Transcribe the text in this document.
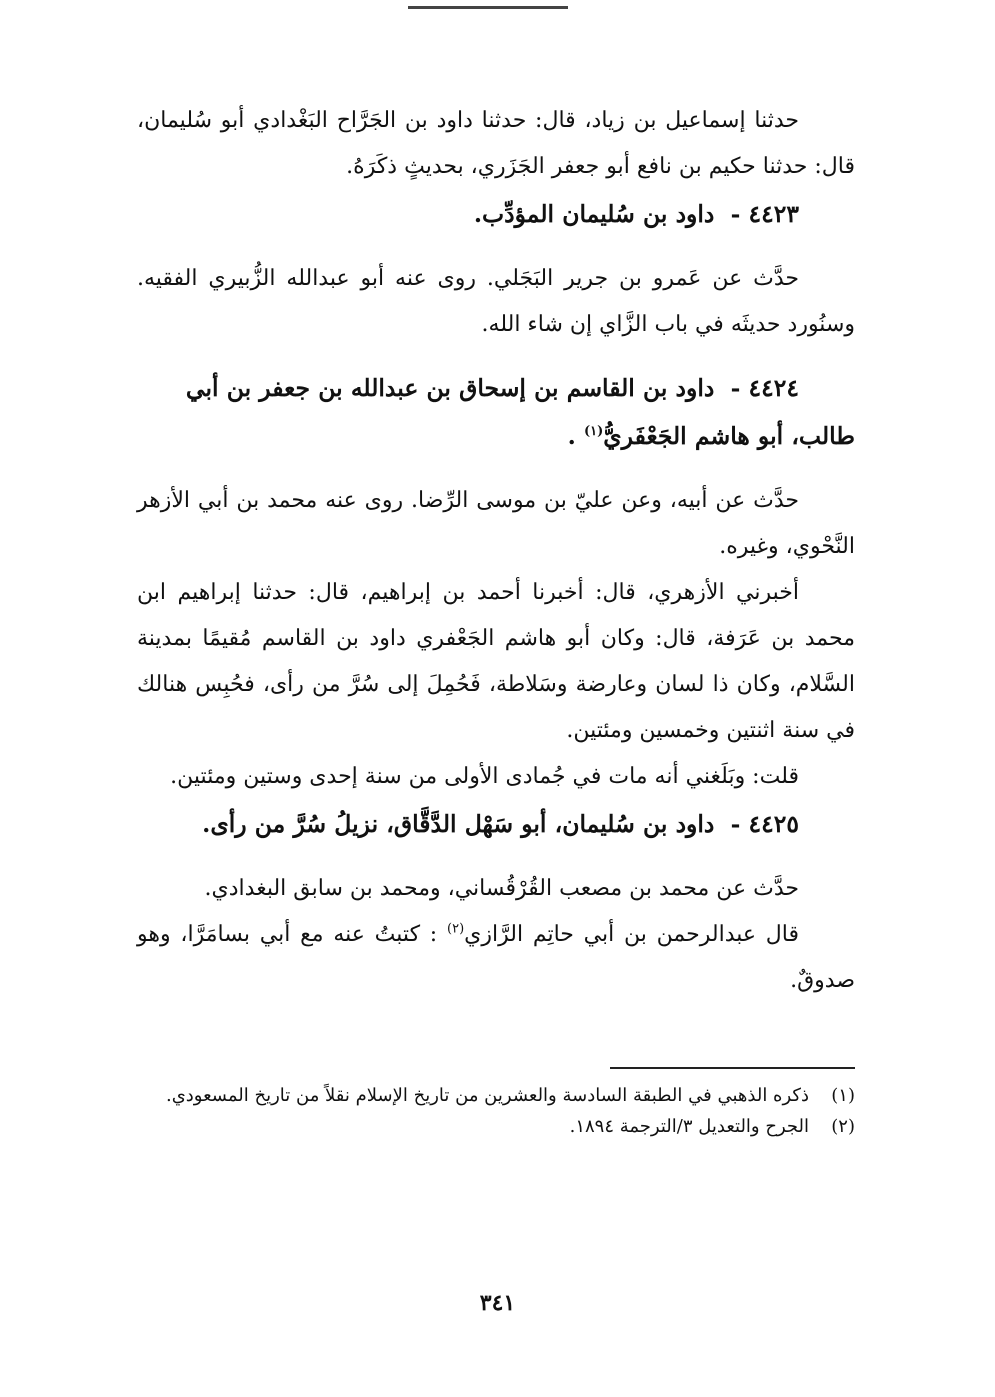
حدثنا إسماعيل بن زياد، قال: حدثنا داود بن الجَرَّاح البَغْدادي أبو سُليمان، قال: حدثنا حكيم بن نافع أبو جعفر الجَزَري، بحديثٍ ذكَرَهُ.

٤٤٢٣ - داود بن سُليمان المؤدِّب.

حدَّث عن عَمرو بن جرير البَجَلي. روى عنه أبو عبدالله الزُّبيري الفقيه. وسنُورد حديثَه في باب الزَّاي إن شاء الله.

٤٤٢٤ - داود بن القاسم بن إسحاق بن عبدالله بن جعفر بن أبي طالب، أبو هاشم الجَعْفَريُّ$^{(١)}$ .

حدَّث عن أبيه، وعن عليّ بن موسى الرِّضا. روى عنه محمد بن أبي الأزهر النَّحْوي، وغيره.

أخبرني الأزهري، قال: أخبرنا أحمد بن إبراهيم، قال: حدثنا إبراهيم ابن محمد بن عَرَفة، قال: وكان أبو هاشم الجَعْفري داود بن القاسم مُقيمًا بمدينة السَّلام، وكان ذا لسان وعارضة وسَلاطة، فَحُمِلَ إلى سُرَّ من رأى، فحُبِس هنالك في سنة اثنتين وخمسين ومئتين.

قلت: وبَلَغني أنه مات في جُمادى الأولى من سنة إحدى وستين ومئتين.

٤٤٢٥ - داود بن سُليمان، أبو سَهْل الدَّقَّاق، نزيلُ سُرَّ من رأى.

حدَّث عن محمد بن مصعب القُرْقُساني، ومحمد بن سابق البغدادي.

قال عبدالرحمن بن أبي حاتِم الرَّازي$^{(٢)}$ : كتبتُ عنه مع أبي بسامَرَّا، وهو صدوقٌ.

(١)
ذكره الذهبي في الطبقة السادسة والعشرين من تاريخ الإسلام نقلاً من تاريخ المسعودي.

(٢)
الجرح والتعديل ٣/الترجمة ١٨٩٤.

٣٤١
